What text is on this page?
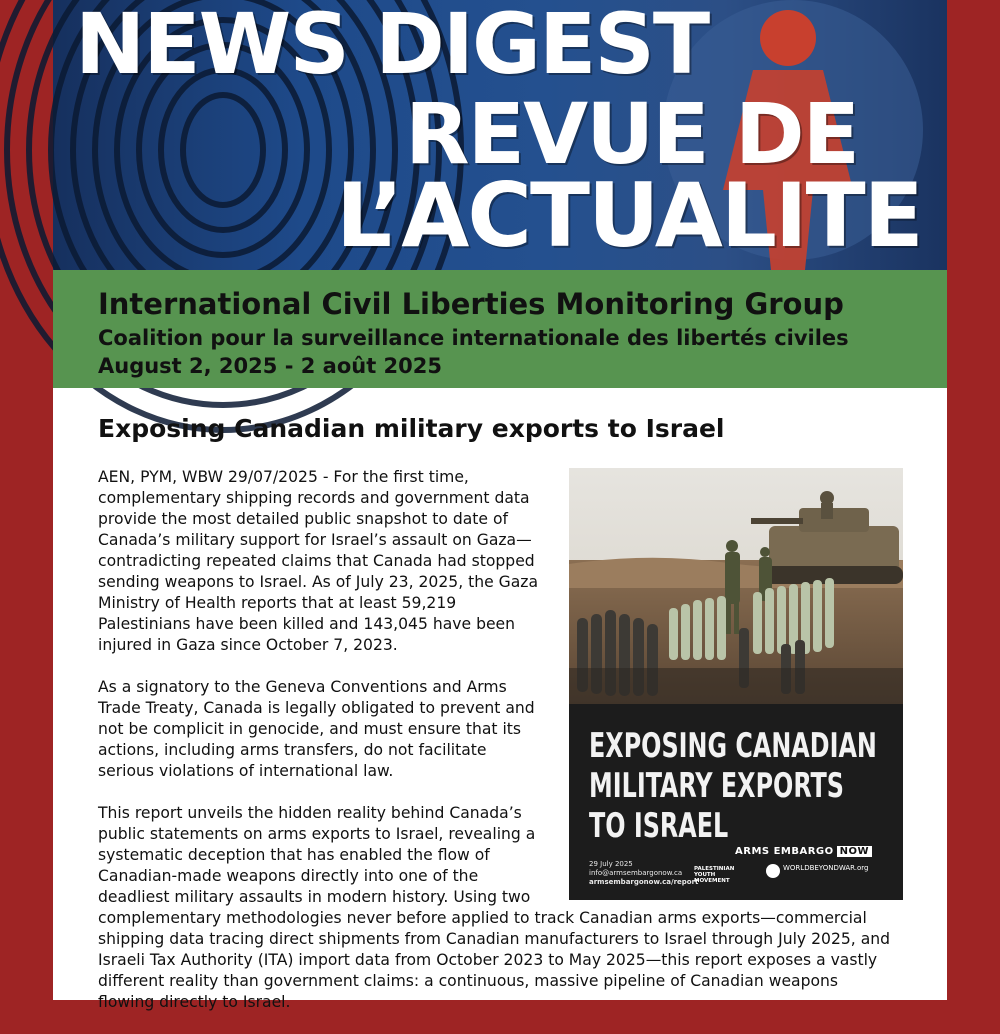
NEWS DIGEST
REVUE DE
L’ACTUALITE
International Civil Liberties Monitoring Group
Coalition pour la surveillance internationale des libertés civiles
August 2, 2025 - 2 août 2025
Exposing Canadian military exports to Israel

AEN, PYM, WBW 29/07/2025 - For the first time, complementary shipping records and government data provide the most detailed public snapshot to date of Canada’s military support for Israel’s assault on Gaza—contradicting repeated claims that Canada had stopped sending weapons to Israel. As of July 23, 2025, the Gaza Ministry of Health reports that at least 59,219 Palestinians have been killed and 143,045 have been injured in Gaza since October 7, 2023.

As a signatory to the Geneva Conventions and Arms Trade Treaty, Canada is legally obligated to prevent and not be complicit in genocide, and must ensure that its actions, including arms transfers, do not facilitate serious violations of international law.

This report unveils the hidden reality behind Canada’s public statements on arms exports to Israel, revealing a systematic deception that has enabled the flow of Canadian-made weapons directly into one of the deadliest military assaults in modern history. Using two complementary methodologies never before applied to track Canadian arms exports—commercial shipping data tracing direct shipments from Canadian manufacturers to Israel through July 2025, and Israeli Tax Authority (ITA) import data from October 2023 to May 2025—this report exposes a vastly different reality than government claims: a continuous, massive pipeline of Canadian weapons flowing directly to Israel.

EXPOSING CANADIAN
MILITARY EXPORTS
TO ISRAEL
29 July 2025
info@armsembargonow.ca
armsembargonow.ca/report
ARMS EMBARGO NOW
PALESTINIAN
YOUTH
MOVEMENT
WORLDBEYONDWAR.org
